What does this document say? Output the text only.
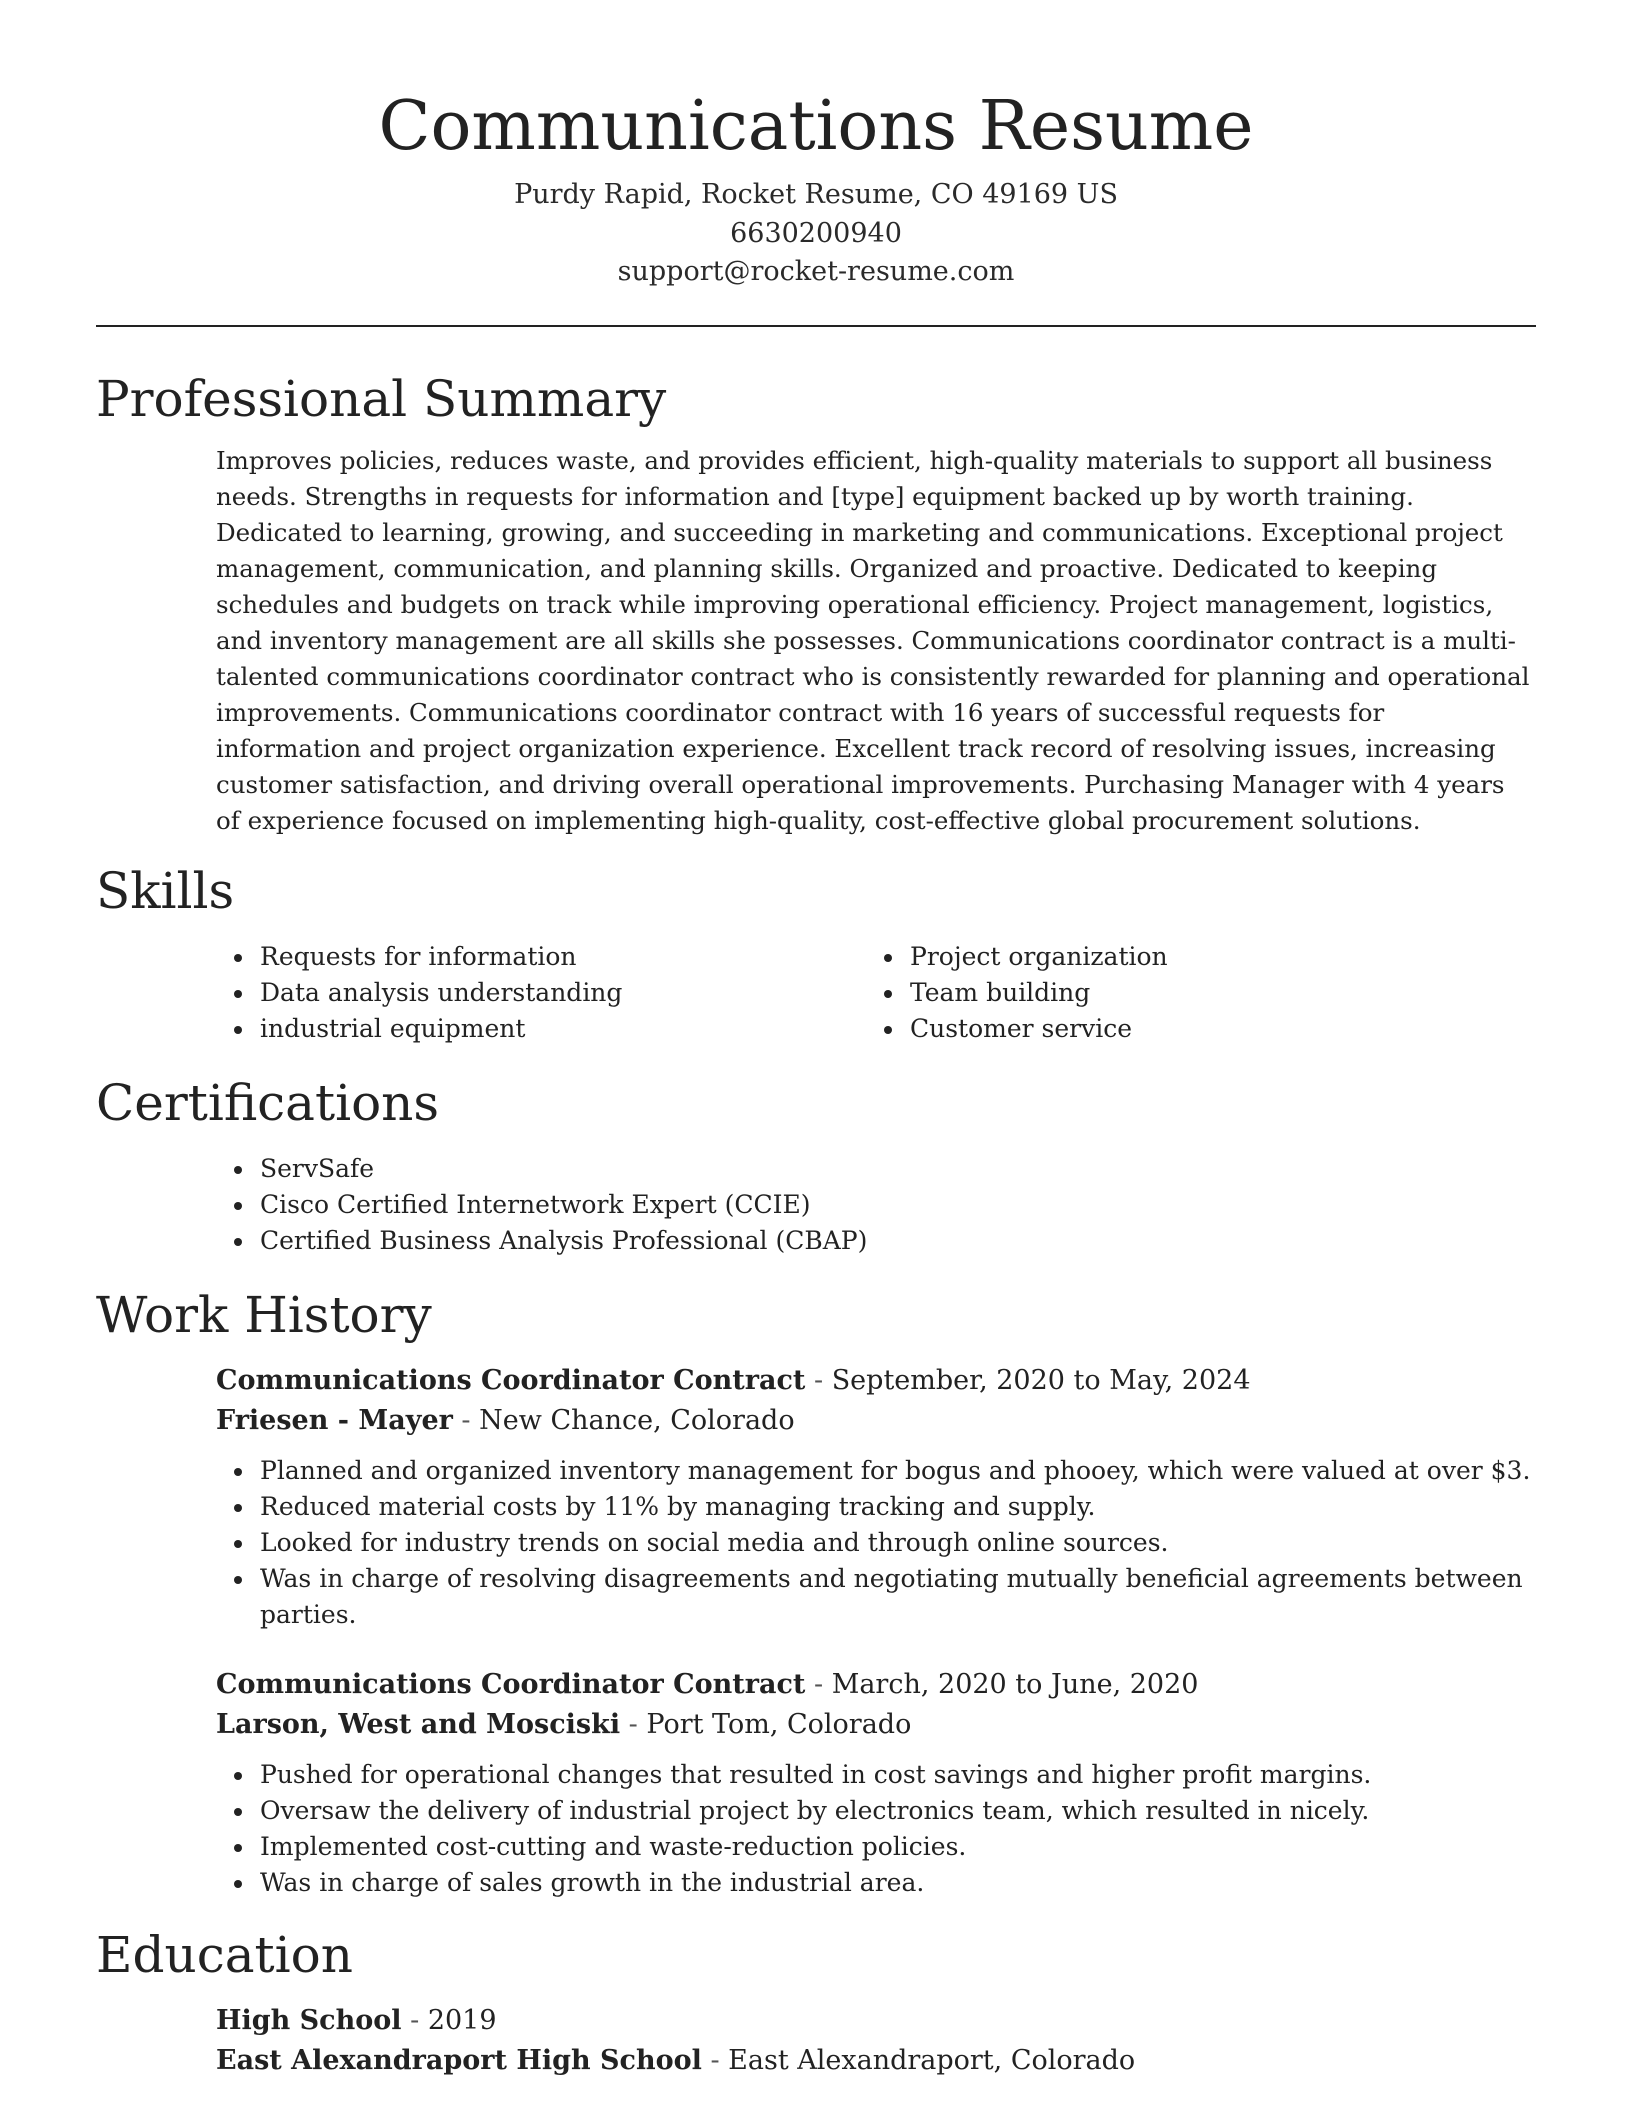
Communications Resume
Purdy Rapid, Rocket Resume, CO 49169 US
6630200940
support@rocket-resume.com
Professional Summary

Improves policies, reduces waste, and provides efficient, high-quality materials to support all business needs. Strengths in requests for information and [type] equipment backed up by worth training. Dedicated to learning, growing, and succeeding in marketing and communications. Exceptional project management, communication, and planning skills. Organized and proactive. Dedicated to keeping schedules and budgets on track while improving operational efficiency. Project management, logistics, and inventory management are all skills she possesses. Communications coordinator contract is a multi-talented communications coordinator contract who is consistently rewarded for planning and operational improvements. Communications coordinator contract with 16 years of successful requests for information and project organization experience. Excellent track record of resolving issues, increasing customer satisfaction, and driving overall operational improvements. Purchasing Manager with 4 years of experience focused on implementing high-quality, cost-effective global procurement solutions.

Skills
Requests for information
Data analysis understanding
industrial equipment
Project organization
Team building
Customer service
Certifications
ServSafe
Cisco Certified Internetwork Expert (CCIE)
Certified Business Analysis Professional (CBAP)
Work History
Communications Coordinator Contract - September, 2020 to May, 2024
Friesen - Mayer - New Chance, Colorado
Planned and organized inventory management for bogus and phooey, which were valued at over $3.
Reduced material costs by 11% by managing tracking and supply.
Looked for industry trends on social media and through online sources.
Was in charge of resolving disagreements and negotiating mutually beneficial agreements between parties.
Communications Coordinator Contract - March, 2020 to June, 2020
Larson, West and Mosciski - Port Tom, Colorado
Pushed for operational changes that resulted in cost savings and higher profit margins.
Oversaw the delivery of industrial project by electronics team, which resulted in nicely.
Implemented cost-cutting and waste-reduction policies.
Was in charge of sales growth in the industrial area.
Education
High School - 2019
East Alexandraport High School - East Alexandraport, Colorado
